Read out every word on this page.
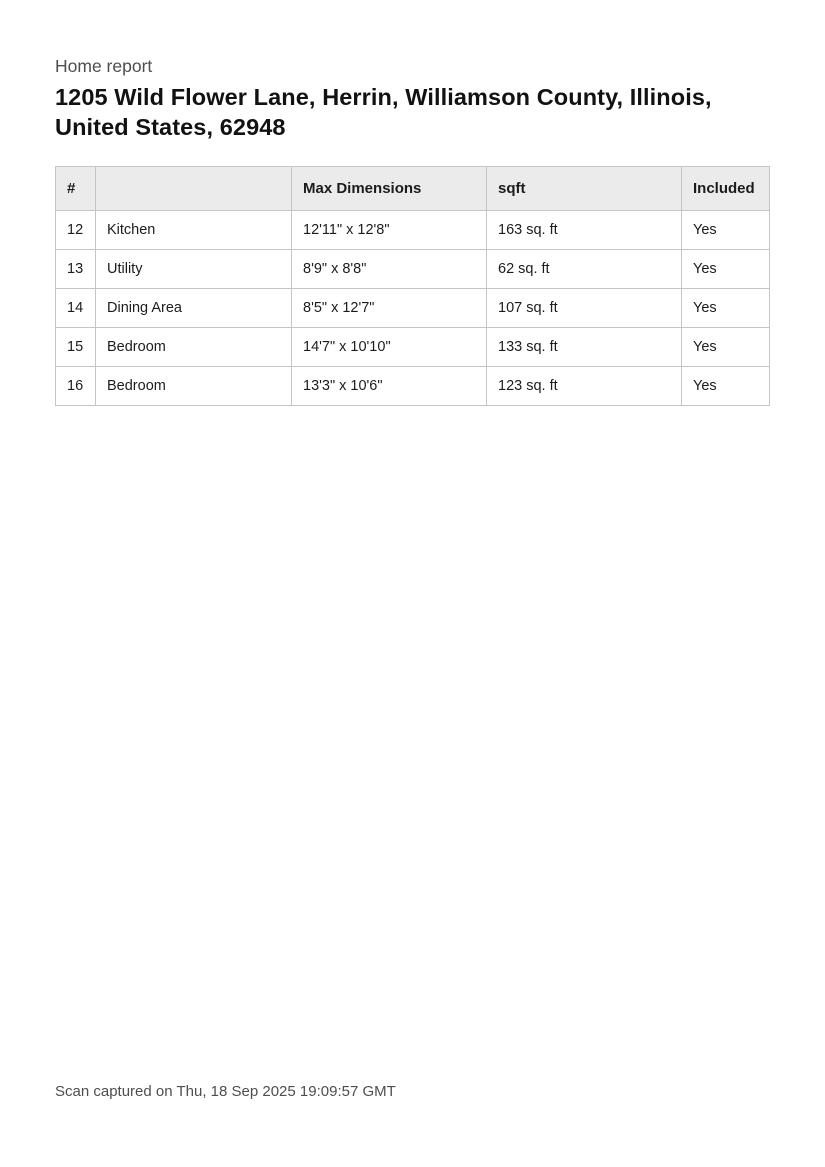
Home report
1205 Wild Flower Lane, Herrin, Williamson County, Illinois, United States, 62948
#		Max Dimensions	sqft	Included
12	Kitchen	12'11" x 12'8"	163 sq. ft	Yes
13	Utility	8'9" x 8'8"	62 sq. ft	Yes
14	Dining Area	8'5" x 12'7"	107 sq. ft	Yes
15	Bedroom	14'7" x 10'10"	133 sq. ft	Yes
16	Bedroom	13'3" x 10'6"	123 sq. ft	Yes
Scan captured on Thu, 18 Sep 2025 19:09:57 GMT
